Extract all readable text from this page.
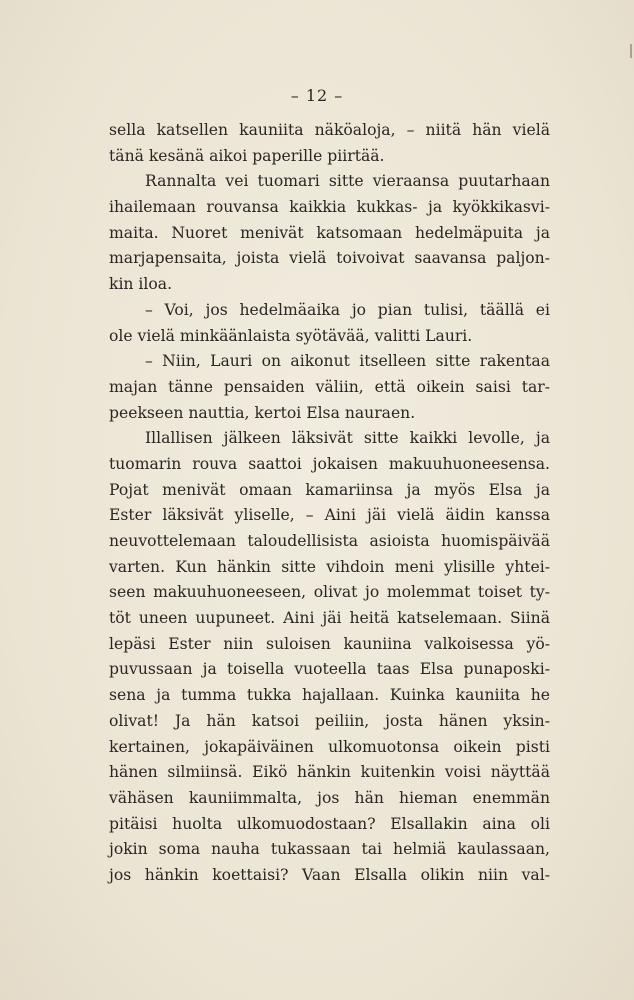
– 12 –
sella katsellen kauniita näköaloja, – niitä hän vielä
tänä kesänä aikoi paperille piirtää.
Rannalta vei tuomari sitte vieraansa puutarhaan
ihailemaan rouvansa kaikkia kukkas- ja kyökkikasvi-
maita. Nuoret menivät katsomaan hedelmäpuita ja
marjapensaita, joista vielä toivoivat saavansa paljon-
kin iloa.
– Voi, jos hedelmäaika jo pian tulisi, täällä ei
ole vielä minkäänlaista syötävää, valitti Lauri.
– Niin, Lauri on aikonut itselleen sitte rakentaa
majan tänne pensaiden väliin, että oikein saisi tar-
peekseen nauttia, kertoi Elsa nauraen.
Illallisen jälkeen läksivät sitte kaikki levolle, ja
tuomarin rouva saattoi jokaisen makuuhuoneesensa.
Pojat menivät omaan kamariinsa ja myös Elsa ja
Ester läksivät yliselle, – Aini jäi vielä äidin kanssa
neuvottelemaan taloudellisista asioista huomispäivää
varten. Kun hänkin sitte vihdoin meni ylisille yhtei-
seen makuuhuoneeseen, olivat jo molemmat toiset ty-
töt uneen uupuneet. Aini jäi heitä katselemaan. Siinä
lepäsi Ester niin suloisen kauniina valkoisessa yö-
puvussaan ja toisella vuoteella taas Elsa punaposki-
sena ja tumma tukka hajallaan. Kuinka kauniita he
olivat! Ja hän katsoi peiliin, josta hänen yksin-
kertainen, jokapäiväinen ulkomuotonsa oikein pisti
hänen silmiinsä. Eikö hänkin kuitenkin voisi näyttää
vähäsen kauniimmalta, jos hän hieman enemmän
pitäisi huolta ulkomuodostaan? Elsallakin aina oli
jokin soma nauha tukassaan tai helmiä kaulassaan,
jos hänkin koettaisi? Vaan Elsalla olikin niin val-
